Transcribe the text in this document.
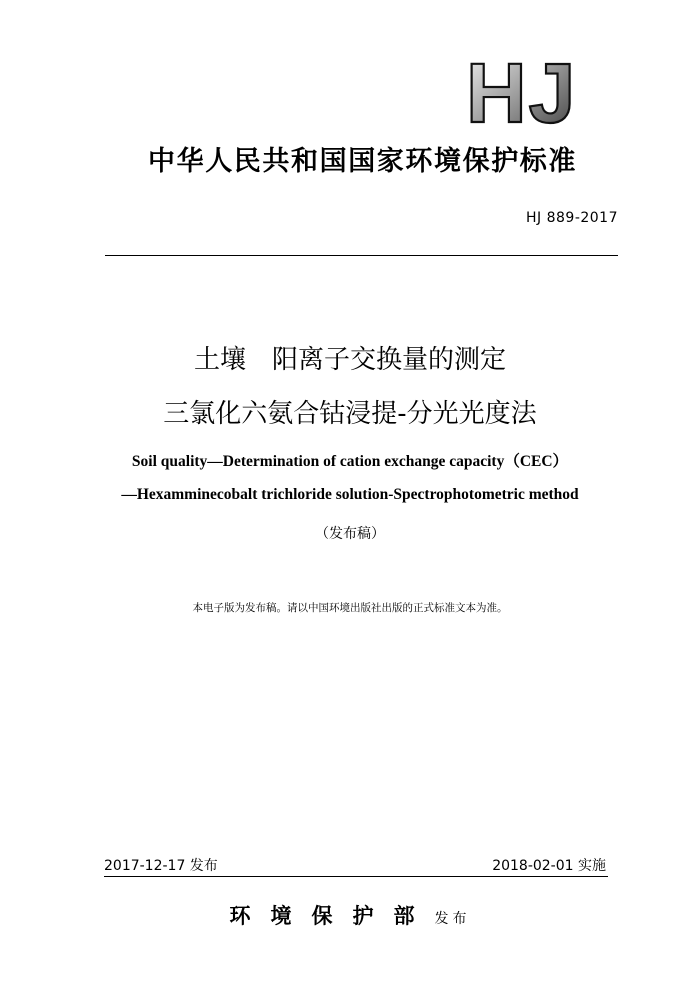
HJ
中华人民共和国国家环境保护标准
HJ 889-2017
土壤　阳离子交换量的测定
三氯化六氨合钴浸提-分光光度法
Soil quality—Determination of cation exchange capacity（CEC）
—Hexamminecobalt trichloride solution-Spectrophotometric method
（发布稿）
本电子版为发布稿。请以中国环境出版社出版的正式标准文本为准。
2017-12-17 发布	2018-02-01 实施
环境保护部发布
